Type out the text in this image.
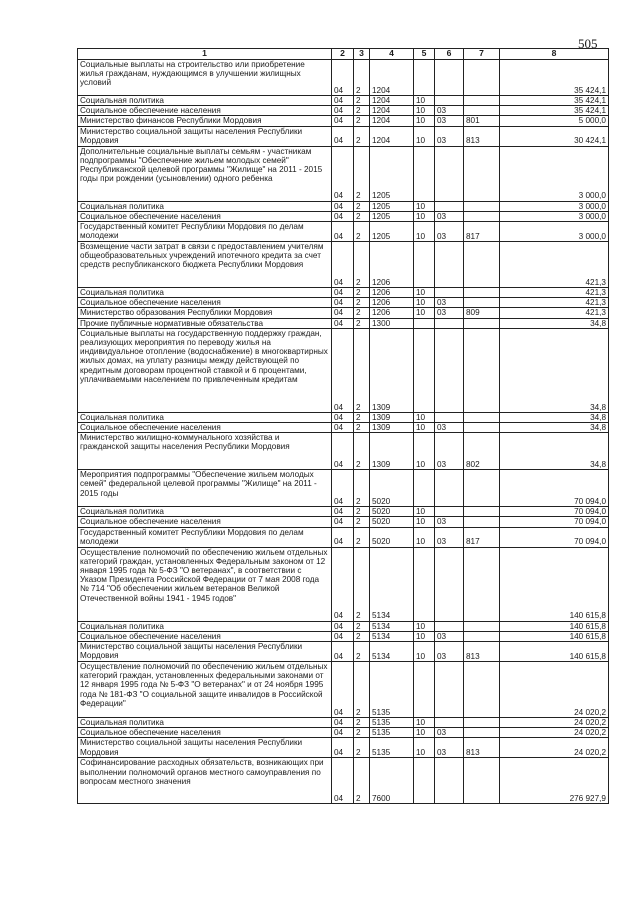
505
1	2	3	4	5	6	7	8
Социальные выплаты на строительство или приобретение жилья гражданам, нуждающимся в улучшении жилищных условий	04	2	1204				35 424,1
Социальная политика	04	2	1204	10			35 424,1
Социальное обеспечение населения	04	2	1204	10	03		35 424,1
Министерство финансов Республики Мордовия	04	2	1204	10	03	801	5 000,0
Министерство социальной защиты населения Республики Мордовия	04	2	1204	10	03	813	30 424,1
Дополнительные социальные выплаты семьям - участникам подпрограммы "Обеспечение жильем молодых семей" Республиканской целевой программы "Жилище" на 2011 - 2015 годы при рождении (усыновлении) одного ребенка	04	2	1205				3 000,0
Социальная политика	04	2	1205	10			3 000,0
Социальное обеспечение населения	04	2	1205	10	03		3 000,0
Государственный комитет Республики Мордовия по делам молодежи	04	2	1205	10	03	817	3 000,0
Возмещение части затрат в связи с предоставлением учителям общеобразовательных учреждений ипотечного кредита за счет средств республиканского бюджета Республики Мордовия	04	2	1206				421,3
Социальная политика	04	2	1206	10			421,3
Социальное обеспечение населения	04	2	1206	10	03		421,3
Министерство образования Республики Мордовия	04	2	1206	10	03	809	421,3
Прочие публичные нормативные обязательства	04	2	1300				34,8
Социальные выплаты на государственную поддержку граждан, реализующих мероприятия по переводу жилья на индивидуальное отопление (водоснабжение) в многоквартирных жилых домах, на уплату разницы между действующей по кредитным договорам процентной ставкой и 6 процентами, уплачиваемыми населением по привлеченным кредитам	04	2	1309				34,8
Социальная политика	04	2	1309	10			34,8
Социальное обеспечение населения	04	2	1309	10	03		34,8
Министерство жилищно-коммунального хозяйства и гражданской защиты населения Республики Мордовия	04	2	1309	10	03	802	34,8
Мероприятия подпрограммы "Обеспечение жильем молодых семей" федеральной целевой программы "Жилище" на 2011 - 2015 годы	04	2	5020				70 094,0
Социальная политика	04	2	5020	10			70 094,0
Социальное обеспечение населения	04	2	5020	10	03		70 094,0
Государственный комитет Республики Мордовия по делам молодежи	04	2	5020	10	03	817	70 094,0
Осуществление полномочий по обеспечению жильем отдельных категорий граждан, установленных Федеральным законом от 12 января 1995 года № 5-ФЗ "О ветеранах", в соответствии с Указом Президента Российской Федерации от 7 мая 2008 года № 714 "Об обеспечении жильем ветеранов Великой Отечественной войны 1941 - 1945 годов"	04	2	5134				140 615,8
Социальная политика	04	2	5134	10			140 615,8
Социальное обеспечение населения	04	2	5134	10	03		140 615,8
Министерство социальной защиты населения Республики Мордовия	04	2	5134	10	03	813	140 615,8
Осуществление полномочий по обеспечению жильем отдельных категорий граждан, установленных федеральными законами от 12 января 1995 года № 5-ФЗ "О ветеранах" и от 24 ноября 1995 года № 181-ФЗ "О социальной защите инвалидов в Российской Федерации"	04	2	5135				24 020,2
Социальная политика	04	2	5135	10			24 020,2
Социальное обеспечение населения	04	2	5135	10	03		24 020,2
Министерство социальной защиты населения Республики Мордовия	04	2	5135	10	03	813	24 020,2
Софинансирование расходных обязательств, возникающих при выполнении полномочий органов местного самоуправления по вопросам местного значения	04	2	7600				276 927,9
